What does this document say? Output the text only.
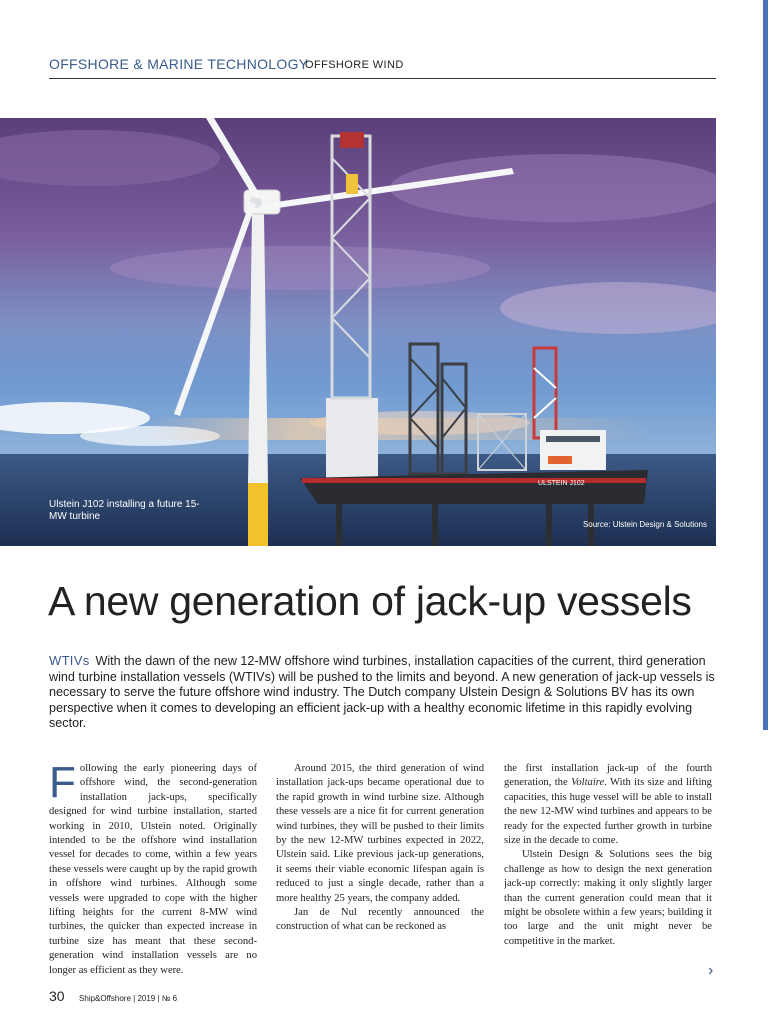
OFFSHORE & MARINE TECHNOLOGY
OFFSHORE WIND
ULSTEIN J102
Ulstein J102 installing a future 15-MW turbine
Source: Ulstein Design & Solutions
A new generation of jack-up vessels
WTIVs With the dawn of the new 12-MW offshore wind turbines, installation capacities of the current, third generation wind turbine installation vessels (WTIVs) will be pushed to the limits and beyond. A new generation of jack-up vessels is necessary to serve the future offshore wind industry. The Dutch company Ulstein Design & Solutions BV has its own perspective when it comes to developing an efficient jack-up with a healthy economic lifetime in this rapidly evolving sector.

Following the early pioneering days of offshore wind, the second-generation installation jack-ups, specifically designed for wind turbine installation, started working in 2010, Ulstein noted. Originally intended to be the offshore wind installation vessel for decades to come, within a few years these vessels were caught up by the rapid growth in offshore wind turbines. Although some vessels were upgraded to cope with the higher lifting heights for the current 8-MW wind turbines, the quicker than expected increase in turbine size has meant that these second-generation wind installation vessels are no longer as efficient as they were.

Around 2015, the third generation of wind installation jack-ups became operational due to the rapid growth in wind turbine size. Although these vessels are a nice fit for current generation wind turbines, they will be pushed to their limits by the new 12-MW turbines expected in 2022, Ulstein said. Like previous jack-up generations, it seems their viable economic lifespan again is reduced to just a single decade, rather than a more healthy 25 years, the company added.

Jan de Nul recently announced the construction of what can be reckoned as

the first installation jack-up of the fourth generation, the Voltaire. With its size and lifting capacities, this huge vessel will be able to install the new 12-MW wind turbines and appears to be ready for the expected further growth in turbine size in the decade to come.

Ulstein Design & Solutions sees the big challenge as how to design the next generation jack-up correctly: making it only slightly larger than the current generation could mean that it might be obsolete within a few years; building it too large and the unit might never be competitive in the market.

›
30 Ship&Offshore | 2019 | № 6
